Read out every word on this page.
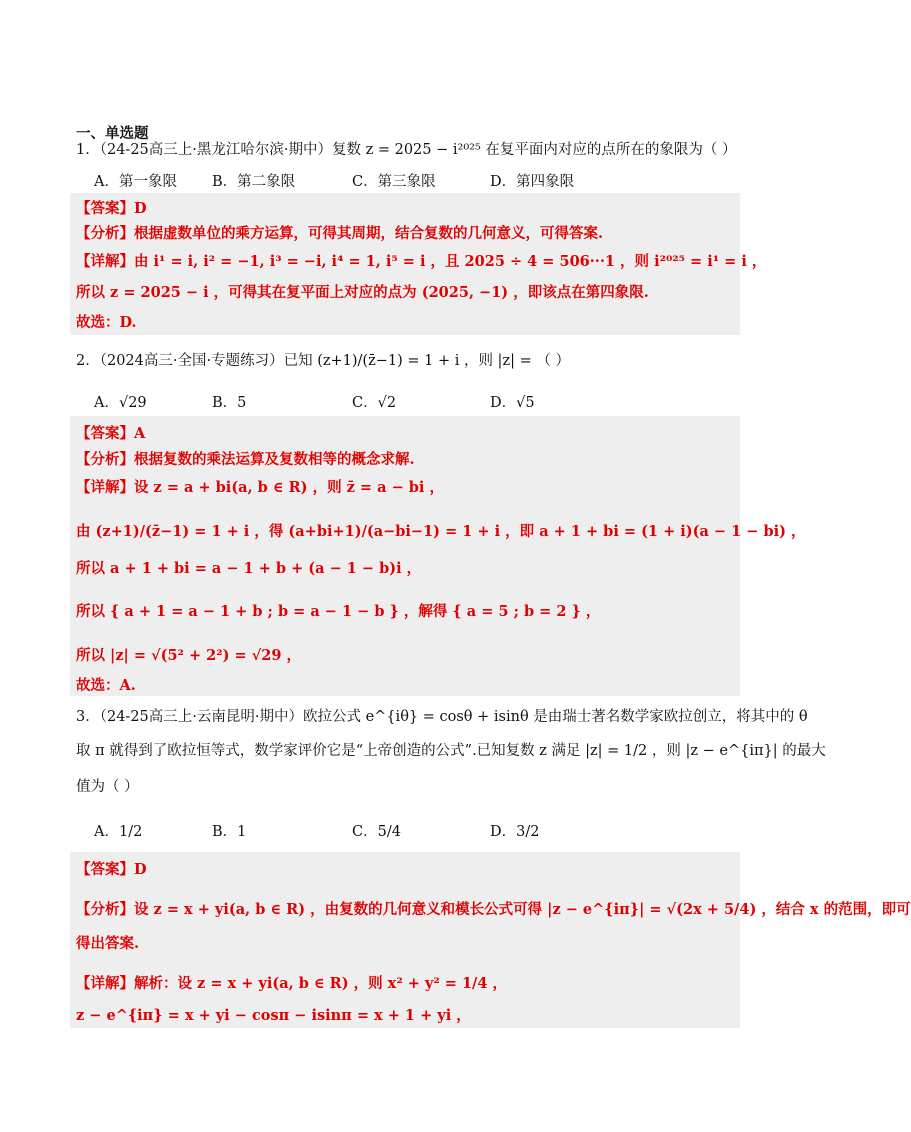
一、单选题
1．（24-25高三上·黑龙江哈尔滨·期中）复数 z = 2025 − i²⁰²⁵ 在复平面内对应的点所在的象限为（ ）
A．第一象限 B．第二象限	C．第三象限	D．第四象限
【答案】D
【分析】根据虚数单位的乘方运算，可得其周期，结合复数的几何意义，可得答案.
【详解】由 i¹ = i, i² = −1, i³ = −i, i⁴ = 1, i⁵ = i ，且 2025 ÷ 4 = 506···1 ，则 i²⁰²⁵ = i¹ = i ，
所以 z = 2025 − i ，可得其在复平面上对应的点为 (2025, −1) ，即该点在第四象限.
故选：D.
2．（2024高三·全国·专题练习）已知 (z+1)/(z̄−1) = 1 + i ，则 |z| = （ ）
A．√29	B．5	C．√2	D．√5
【答案】A
【分析】根据复数的乘法运算及复数相等的概念求解.
【详解】设 z = a + bi(a, b ∈ R) ，则 z̄ = a − bi ，
由 (z+1)/(z̄−1) = 1 + i ，得 (a+bi+1)/(a−bi−1) = 1 + i ，即 a + 1 + bi = (1 + i)(a − 1 − bi) ，
所以 a + 1 + bi = a − 1 + b + (a − 1 − b)i ，
所以 { a + 1 = a − 1 + b ; b = a − 1 − b } ，解得 { a = 5 ; b = 2 } ，
所以 |z| = √(5² + 2²) = √29 ，
故选：A.
3．（24-25高三上·云南昆明·期中）欧拉公式 e^{iθ} = cosθ + isinθ 是由瑞士著名数学家欧拉创立，将其中的 θ
取 π 就得到了欧拉恒等式，数学家评价它是“上帝创造的公式”.已知复数 z 满足 |z| = 1/2 ，则 |z − e^{iπ}| 的最大
值为（ ）
A．1/2	B．1	C．5/4	D．3/2
【答案】D
【分析】设 z = x + yi(a, b ∈ R) ，由复数的几何意义和模长公式可得 |z − e^{iπ}| = √(2x + 5/4) ，结合 x 的范围，即可
得出答案.
【详解】解析：设 z = x + yi(a, b ∈ R) ，则 x² + y² = 1/4 ，
z − e^{iπ} = x + yi − cosπ − isinπ = x + 1 + yi ，
